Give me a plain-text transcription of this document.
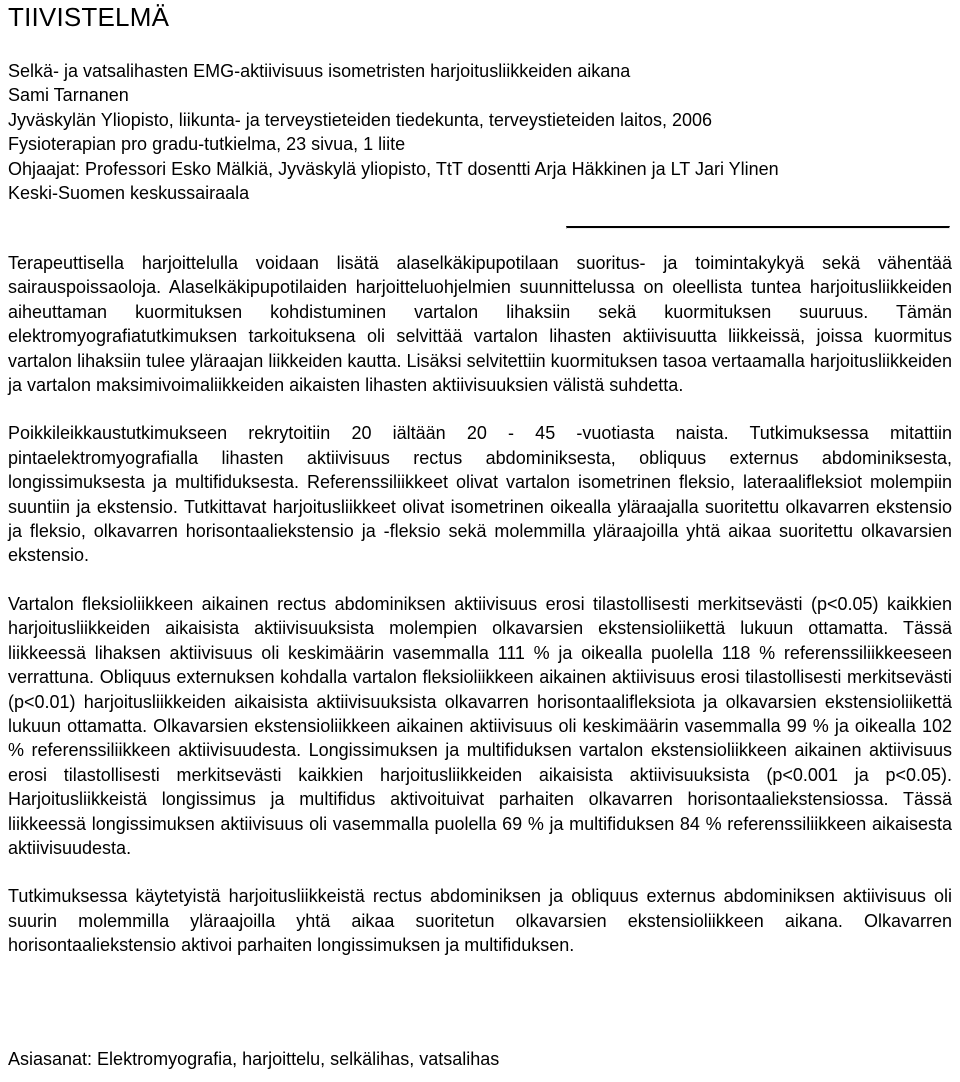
TIIVISTELMÄ
Selkä- ja vatsalihasten EMG-aktiivisuus isometristen harjoitusliikkeiden aikana
Sami Tarnanen
Jyväskylän Yliopisto, liikunta- ja terveystieteiden tiedekunta, terveystieteiden laitos, 2006
Fysioterapian pro gradu-tutkielma, 23 sivua, 1 liite
Ohjaajat: Professori Esko Mälkiä, Jyväskylä yliopisto, TtT dosentti Arja Häkkinen ja LT Jari Ylinen
Keski-Suomen keskussairaala

Terapeuttisella harjoittelulla voidaan lisätä alaselkäkipupotilaan suoritus- ja toimintakykyä sekä vähentää sairauspoissaoloja. Alaselkäkipupotilaiden harjoitteluohjelmien suunnittelussa on oleellista tuntea harjoitusliikkeiden aiheuttaman kuormituksen kohdistuminen vartalon lihaksiin sekä kuormituksen suuruus. Tämän elektromyografiatutkimuksen tarkoituksena oli selvittää vartalon lihasten aktiivisuutta liikkeissä, joissa kuormitus vartalon lihaksiin tulee yläraajan liikkeiden kautta. Lisäksi selvitettiin kuormituksen tasoa vertaamalla harjoitusliikkeiden ja vartalon maksimivoimaliikkeiden aikaisten lihasten aktiivisuuksien välistä suhdetta.

Poikkileikkaustutkimukseen rekrytoitiin 20 iältään 20 - 45 -vuotiasta naista. Tutkimuksessa mitattiin pintaelektromyografialla lihasten aktiivisuus rectus abdominiksesta, obliquus externus abdominiksesta, longissimuksesta ja multifiduksesta. Referenssiliikkeet olivat vartalon isometrinen fleksio, lateraalifleksiot molempiin suuntiin ja ekstensio. Tutkittavat harjoitusliikkeet olivat isometrinen oikealla yläraajalla suoritettu olkavarren ekstensio ja fleksio, olkavarren horisontaaliekstensio ja -fleksio sekä molemmilla yläraajoilla yhtä aikaa suoritettu olkavarsien ekstensio.

Vartalon fleksioliikkeen aikainen rectus abdominiksen aktiivisuus erosi tilastollisesti merkitsevästi (p<0.05) kaikkien harjoitusliikkeiden aikaisista aktiivisuuksista molempien olkavarsien ekstensioliikettä lukuun ottamatta. Tässä liikkeessä lihaksen aktiivisuus oli keskimäärin vasemmalla 111 % ja oikealla puolella 118 % referenssiliikkeeseen verrattuna. Obliquus externuksen kohdalla vartalon fleksioliikkeen aikainen aktiivisuus erosi tilastollisesti merkitsevästi (p<0.01) harjoitusliikkeiden aikaisista aktiivisuuksista olkavarren horisontaalifleksiota ja olkavarsien ekstensioliikettä lukuun ottamatta. Olkavarsien ekstensioliikkeen aikainen aktiivisuus oli keskimäärin vasemmalla 99 % ja oikealla 102 % referenssiliikkeen aktiivisuudesta. Longissimuksen ja multifiduksen vartalon ekstensioliikkeen aikainen aktiivisuus erosi tilastollisesti merkitsevästi kaikkien harjoitusliikkeiden aikaisista aktiivisuuksista (p<0.001 ja p<0.05). Harjoitusliikkeistä longissimus ja multifidus aktivoituivat parhaiten olkavarren horisontaaliekstensiossa. Tässä liikkeessä longissimuksen aktiivisuus oli vasemmalla puolella 69 % ja multifiduksen 84 % referenssiliikkeen aikaisesta aktiivisuudesta.

Tutkimuksessa käytetyistä harjoitusliikkeistä rectus abdominiksen ja obliquus externus abdominiksen aktiivisuus oli suurin molemmilla yläraajoilla yhtä aikaa suoritetun olkavarsien ekstensioliikkeen aikana. Olkavarren horisontaaliekstensio aktivoi parhaiten longissimuksen ja multifiduksen.

Asiasanat: Elektromyografia, harjoittelu, selkälihas, vatsalihas
